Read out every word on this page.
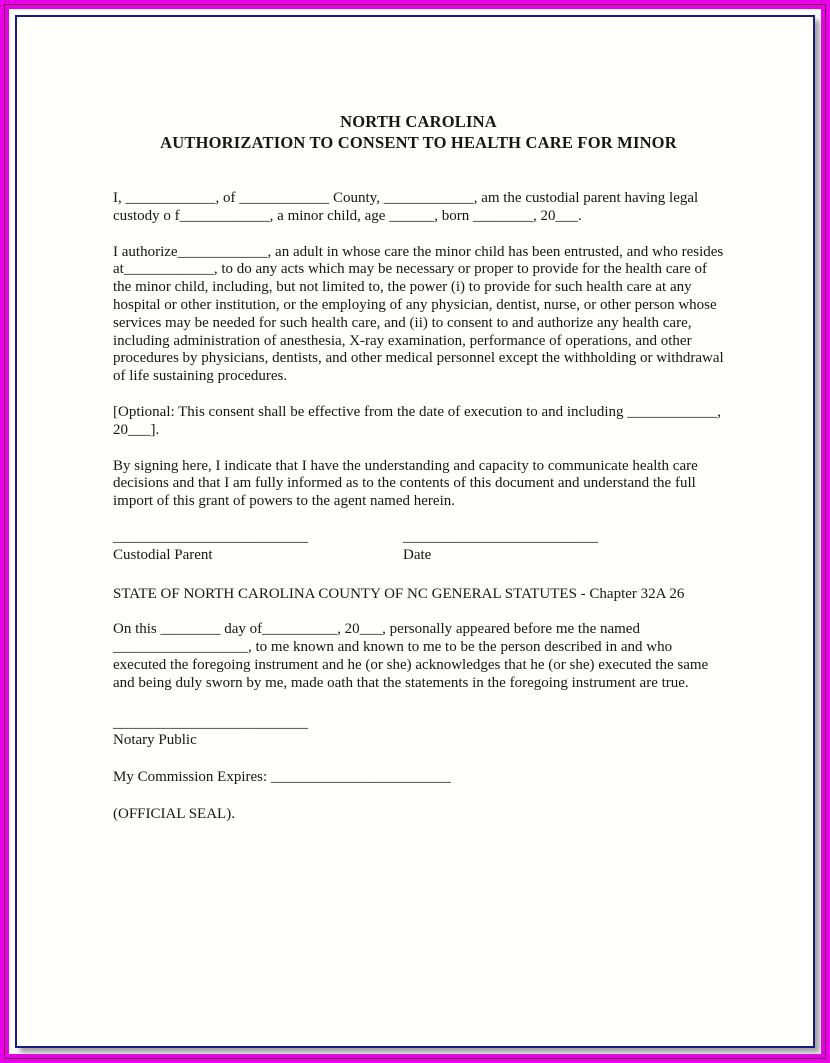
NORTH CAROLINA
AUTHORIZATION TO CONSENT TO HEALTH CARE FOR MINOR

I, ____________, of ____________ County, ____________, am the custodial parent having legal custody o f____________, a minor child, age ______, born ________, 20___.

I authorize____________, an adult in whose care the minor child has been entrusted, and who resides at____________, to do any acts which may be necessary or proper to provide for the health care of the minor child, including, but not limited to, the power (i) to provide for such health care at any hospital or other institution, or the employing of any physician, dentist, nurse, or other person whose services may be needed for such health care, and (ii) to consent to and authorize any health care, including administration of anesthesia, X-ray examination, performance of operations, and other procedures by physicians, dentists, and other medical personnel except the withholding or withdrawal of life sustaining procedures.

[Optional: This consent shall be effective from the date of execution to and including ____________, 20___].

By signing here, I indicate that I have the understanding and capacity to communicate health care decisions and that I am fully informed as to the contents of this document and understand the full import of this grant of powers to the agent named herein.

__________________________
Custodial Parent
__________________________
Date

STATE OF NORTH CAROLINA COUNTY OF NC GENERAL STATUTES - Chapter 32A 26

On this ________ day of__________, 20___, personally appeared before me the named __________________, to me known and known to me to be the person described in and who executed the foregoing instrument and he (or she) acknowledges that he (or she) executed the same and being duly sworn by me, made oath that the statements in the foregoing instrument are true.

__________________________
Notary Public

My Commission Expires: ________________________

(OFFICIAL SEAL).
